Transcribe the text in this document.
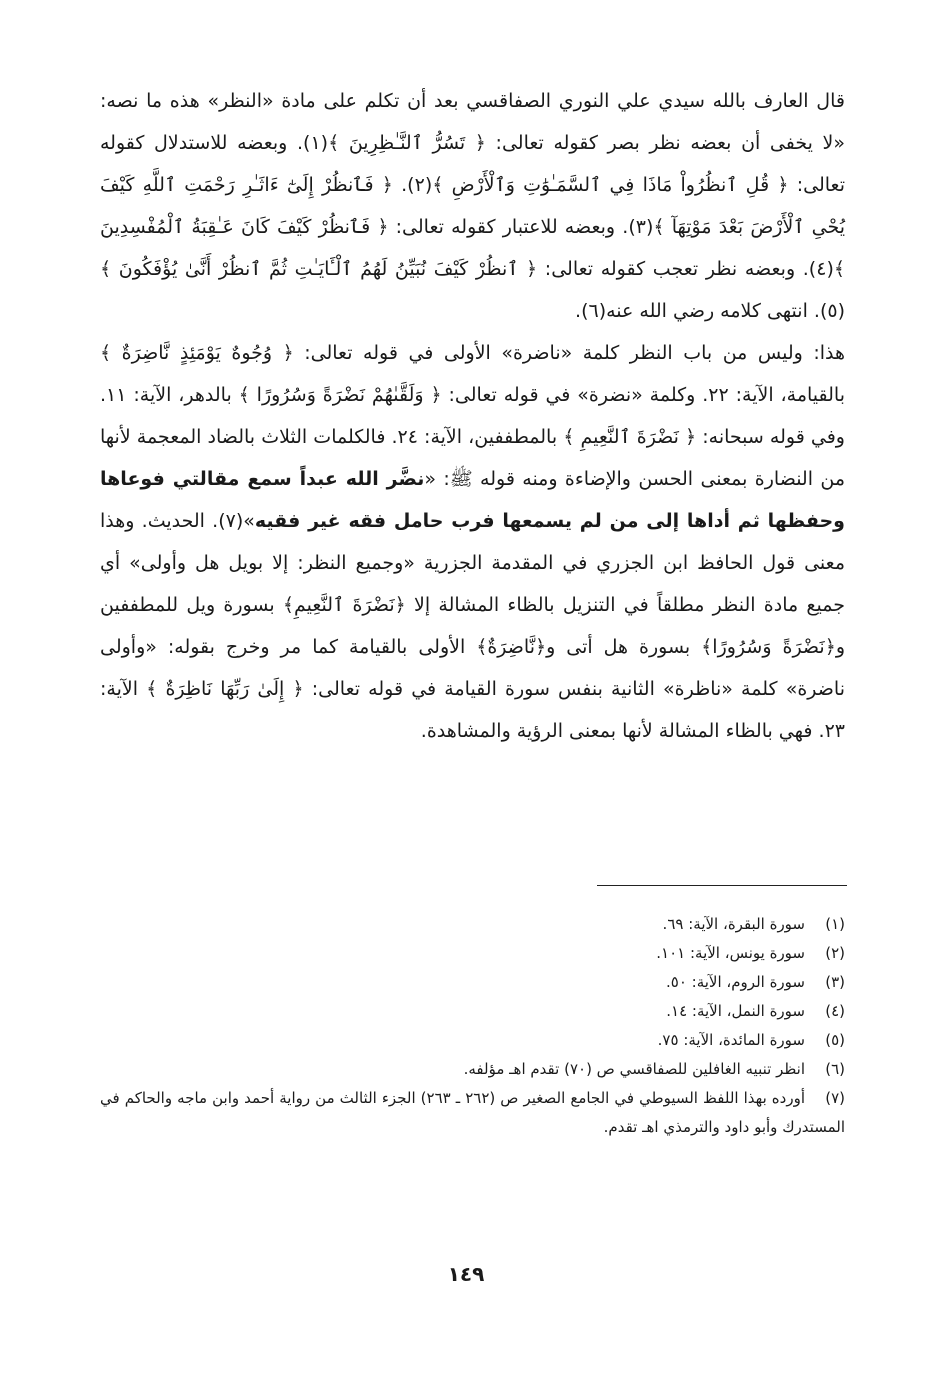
قال العارف بالله سيدي علي النوري الصفاقسي بعد أن تكلم على مادة «النظر» هذه ما نصه: «لا يخفى أن بعضه نظر بصر كقوله تعالى: ﴿ تَسُرُّ ٱلنَّـٰظِرِينَ ﴾(١). وبعضه للاستدلال كقوله تعالى: ﴿ قُلِ ٱنظُرُواْ مَاذَا فِي ٱلسَّمَـٰوَٰتِ وَٱلْأَرْضِ ﴾(٢). ﴿ فَٱنظُرْ إِلَىٰٓ ءَاثَـٰرِ رَحْمَتِ ٱللَّهِ كَيْفَ يُحْىِ ٱلْأَرْضَ بَعْدَ مَوْتِهَآ ﴾(٣). وبعضه للاعتبار كقوله تعالى: ﴿ فَٱنظُرْ كَيْفَ كَانَ عَـٰقِبَةُ ٱلْمُفْسِدِينَ ﴾(٤). وبعضه نظر تعجب كقوله تعالى: ﴿ ٱنظُرْ كَيْفَ نُبَيِّنُ لَهُمُ ٱلْـَٔايَـٰتِ ثُمَّ ٱنظُرْ أَنَّىٰ يُؤْفَكُونَ ﴾(٥). انتهى كلامه رضي الله عنه(٦).

هذا: وليس من باب النظر كلمة «ناضرة» الأولى في قوله تعالى: ﴿ وُجُوهٌ يَوْمَئِذٍ نَّاضِرَةٌ ﴾ بالقيامة، الآية: ٢٢. وكلمة «نضرة» في قوله تعالى: ﴿ وَلَقَّىٰهُمْ نَضْرَةً وَسُرُورًا ﴾ بالدهر، الآية: ١١. وفي قوله سبحانه: ﴿ نَضْرَةَ ٱلنَّعِيمِ ﴾ بالمطففين، الآية: ٢٤. فالكلمات الثلاث بالضاد المعجمة لأنها من النضارة بمعنى الحسن والإضاءة ومنه قوله ﷺ: «نضَّر الله عبداً سمع مقالتي فوعاها وحفظها ثم أداها إلى من لم يسمعها فرب حامل فقه غير فقيه»(٧). الحديث. وهذا معنى قول الحافظ ابن الجزري في المقدمة الجزرية «وجميع النظر: إلا بويل هل وأولى» أي جميع مادة النظر مطلقاً في التنزيل بالظاء المشالة إلا ﴿نَضْرَةَ ٱلنَّعِيمِ﴾ بسورة ويل للمطففين و﴿نَضْرَةً وَسُرُورًا﴾ بسورة هل أتى و﴿نَّاضِرَةٌ﴾ الأولى بالقيامة كما مر وخرج بقوله: «وأولى ناضرة» كلمة «ناظرة» الثانية بنفس سورة القيامة في قوله تعالى: ﴿ إِلَىٰ رَبِّهَا نَاظِرَةٌ ﴾ الآية: ٢٣. فهي بالظاء المشالة لأنها بمعنى الرؤية والمشاهدة.

(١)سورة البقرة، الآية: ٦٩.
(٢)سورة يونس، الآية: ١٠١.
(٣)سورة الروم، الآية: ٥٠.
(٤)سورة النمل، الآية: ١٤.
(٥)سورة المائدة، الآية: ٧٥.
(٦)انظر تنبيه الغافلين للصفاقسي ص (٧٠) تقدم اهـ مؤلفه.
(٧)أورده بهذا اللفظ السيوطي في الجامع الصغير ص (٢٦٢ ـ ٢٦٣) الجزء الثالث من رواية أحمد وابن ماجه والحاكم في المستدرك وأبو داود والترمذي اهـ تقدم.
١٤٩
